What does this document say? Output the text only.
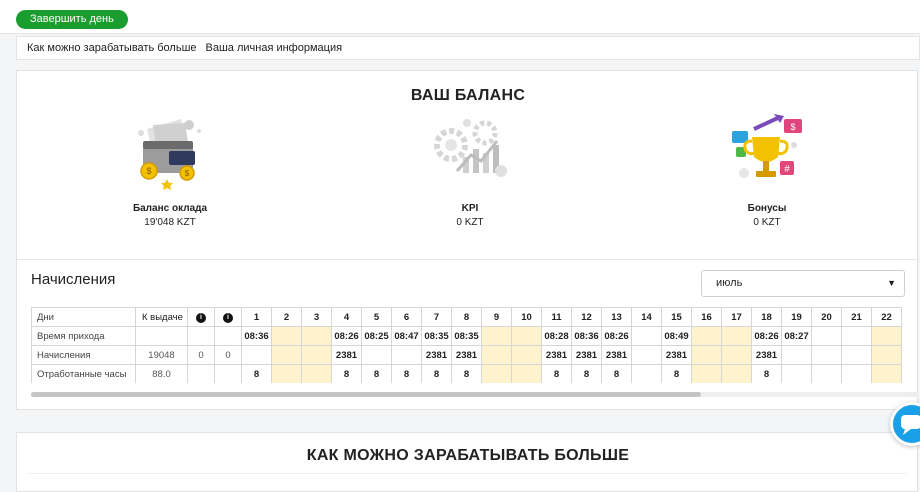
Завершить день
Как можно зарабатывать больше Ваша личная информация
ВАШ БАЛАНС
$	$
Баланс оклада
19'048 KZT
KPI
0 KZT
$
#
Бонусы
0 KZT
Начисления	июль	▼
Дни	К выдаче	i	i	1	2	3	4	5	6	7	8	9	10	11	12	13	14	15	16	17	18	19	20	21	22
Время прихода				08:36			08:26	08:25	08:47	08:35	08:35			08:28	08:36	08:26		08:49			08:26	08:27			
Начисления	19048	0	0				2381			2381	2381			2381	2381	2381		2381			2381				
Отработанные часы	88.0			8			8	8	8	8	8			8	8	8		8			8				
КАК МОЖНО ЗАРАБАТЫВАТЬ БОЛЬШЕ
